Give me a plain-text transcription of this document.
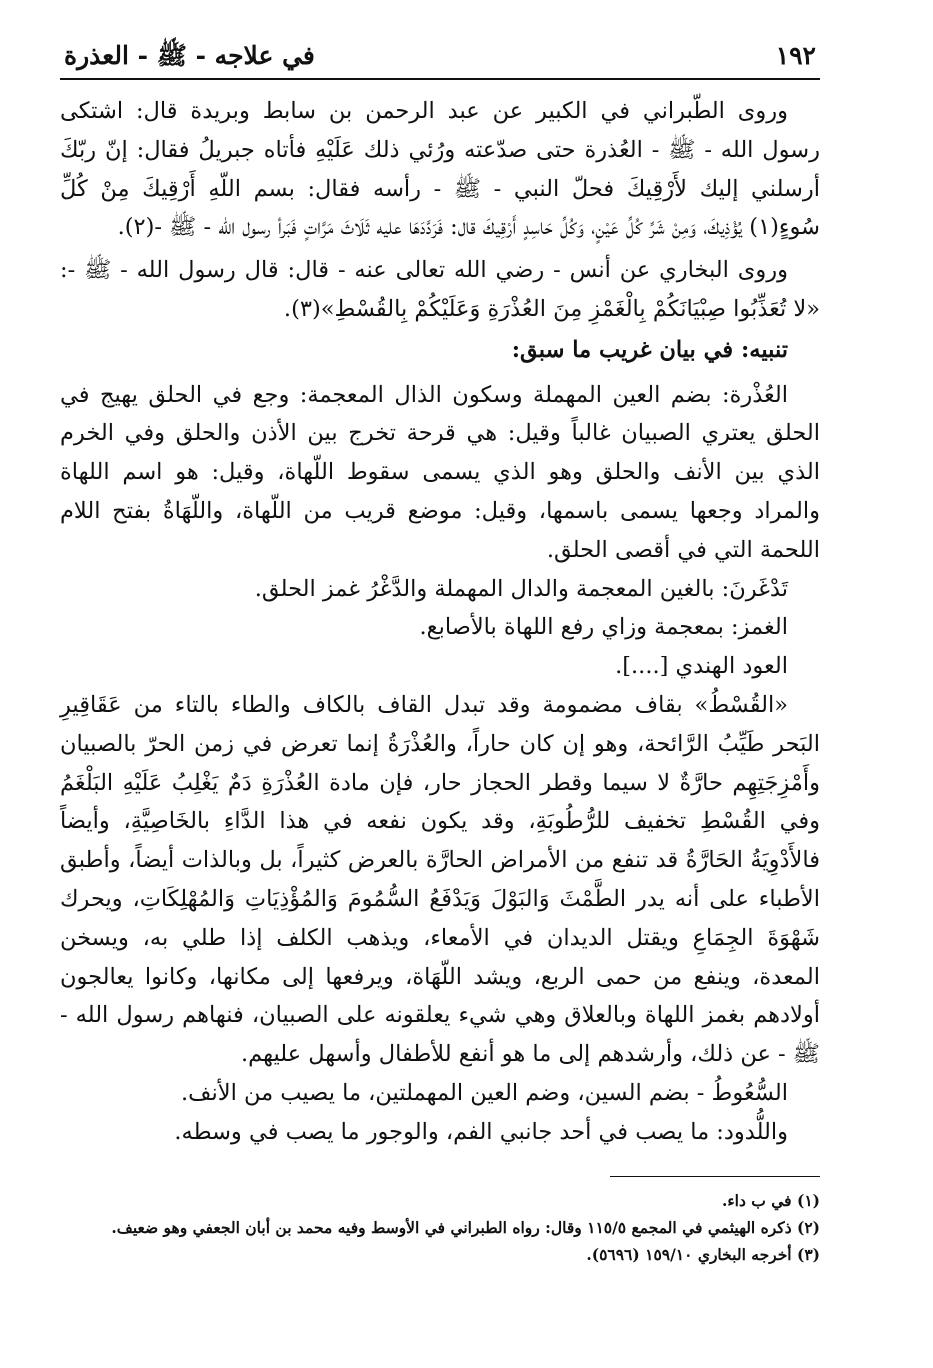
١٩٢
في علاجه - ﷺ - العذرة

وروى الطّبراني في الكبير عن عبد الرحمن بن سابط وبريدة قال: اشتكى رسول الله - ﷺ - العُذرة حتى صدّعته ورُئي ذلك عَلَيْهِ فأتاه جبريلُ فقال: إنّ ربّكَ أرسلني إليك لأَرْقِيكَ فحلّ النبي - ﷺ - رأسه فقال: بسم اللّهِ أَرْقِيكَ مِنْ كُلِّ سُوءٍ(١) يُؤْذِيكَ، وَمِنْ شَرِّ كُلِّ عَيْنٍ، وَكُلِّ حَاسِدٍ أَرْقِيكَ قال: فَرَدَّدَهَا عليه ثَلَاثَ مَرَّاتٍ فَبَرأ رسول الله - ﷺ -(٢).

وروى البخاري عن أنس - رضي الله تعالى عنه - قال: قال رسول الله - ﷺ -: «لا تُعَذِّبُوا صِبْيَانَكُمْ بِالْغَمْزِ مِنَ العُذْرَةِ وَعَلَيْكُمْ بِالقُسْطِ»(٣).

تنبيه: في بيان غريب ما سبق:

العُذْرة: بضم العين المهملة وسكون الذال المعجمة: وجع في الحلق يهيج في الحلق يعتري الصبيان غالباً وقيل: هي قرحة تخرج بين الأذن والحلق وفي الخرم الذي بين الأنف والحلق وهو الذي يسمى سقوط اللّهاة، وقيل: هو اسم اللهاة والمراد وجعها يسمى باسمها، وقيل: موضع قريب من اللّهاة، واللّهَاةُ بفتح اللام اللحمة التي في أقصى الحلق.

تَدْغَرنَ: بالغين المعجمة والدال المهملة والدَّغْرُ غمز الحلق.

الغمز: بمعجمة وزاي رفع اللهاة بالأصابع.

العود الهندي [....].

«القُسْطُ» بقاف مضمومة وقد تبدل القاف بالكاف والطاء بالتاء من عَقَاقِيرِ البَحر طَيِّبُ الرَّائحة، وهو إن كان حاراً، والعُذْرَةُ إنما تعرض في زمن الحرّ بالصبيان وأَمْزِجَتِهِم حارَّةٌ لا سيما وقطر الحجاز حار، فإن مادة العُذْرَةِ دَمٌ يَغْلِبُ عَلَيْهِ البَلْغَمُ وفي القُسْطِ تخفيف للرُّطُوبَةِ، وقد يكون نفعه في هذا الدَّاءِ بالخَاصِيَّةِ، وأيضاً فالأَدْوِيَةُ الحَارَّةُ قد تنفع من الأمراض الحارَّة بالعرض كثيراً، بل وبالذات أيضاً، وأطبق الأطباء على أنه يدر الطَّمْثَ وَالبَوْلَ وَيَدْفَعُ السُّمُومَ وَالمُؤْذِيَاتِ وَالمُهْلِكَاتِ، ويحرك شَهْوَةَ الجِمَاعِ ويقتل الديدان في الأمعاء، ويذهب الكلف إذا طلي به، ويسخن المعدة، وينفع من حمى الربع، ويشد اللّهَاة، ويرفعها إلى مكانها، وكانوا يعالجون أولادهم بغمز اللهاة وبالعلاق وهي شيء يعلقونه على الصبيان، فنهاهم رسول الله - ﷺ - عن ذلك، وأرشدهم إلى ما هو أنفع للأطفال وأسهل عليهم.

السُّعُوطُ - بضم السين، وضم العين المهملتين، ما يصيب من الأنف.

واللُّدود: ما يصب في أحد جانبي الفم، والوجور ما يصب في وسطه.

(١) في ب داء.

(٢) ذكره الهيثمي في المجمع ١١٥/٥ وقال: رواه الطبراني في الأوسط وفيه محمد بن أبان الجعفي وهو ضعيف.

(٣) أخرجه البخاري ١٥٩/١٠ (٥٦٩٦).
